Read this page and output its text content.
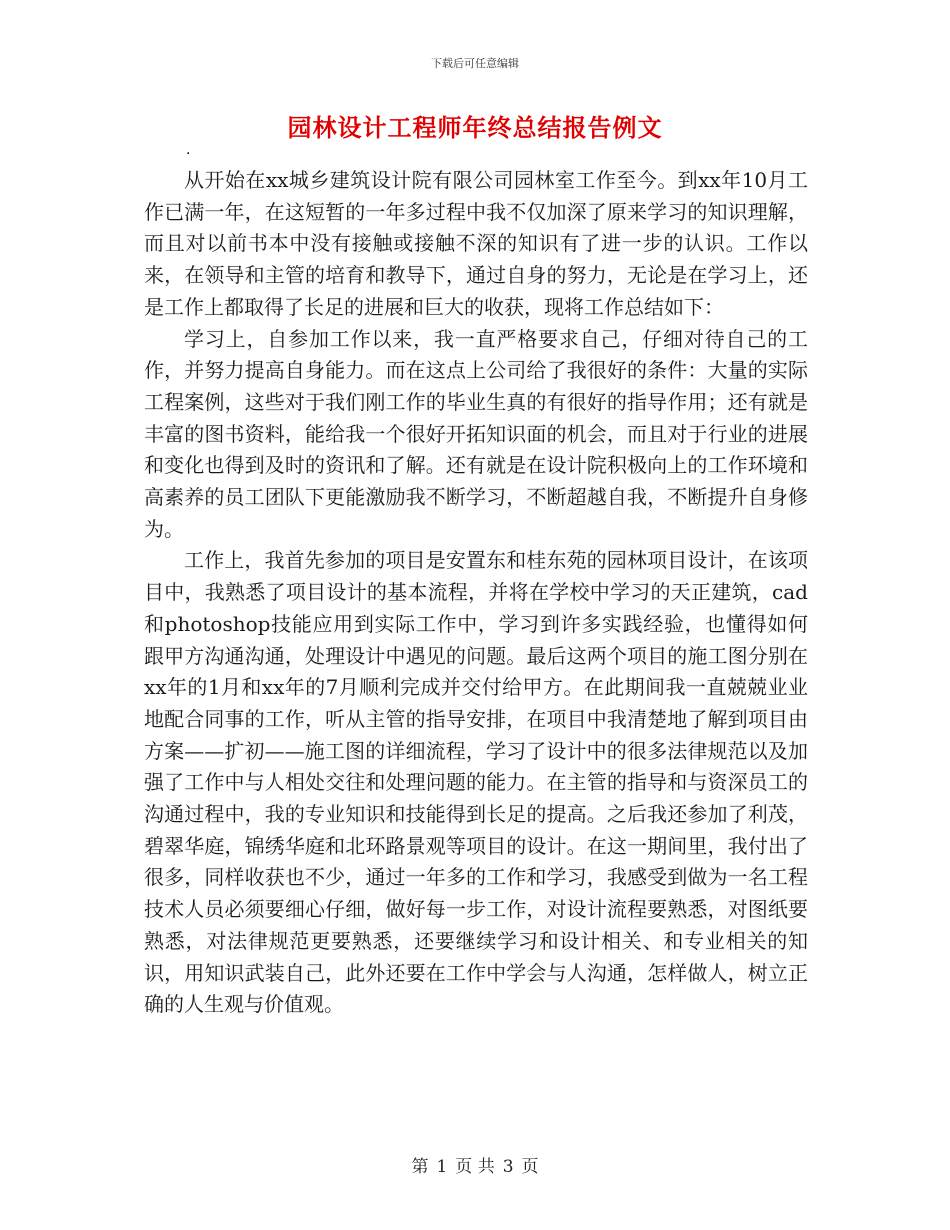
下载后可任意编辑
园林设计工程师年终总结报告例文
.

从开始在xx城乡建筑设计院有限公司园林室工作至今。到xx年10月工作已满一年，在这短暂的一年多过程中我不仅加深了原来学习的知识理解，而且对以前书本中没有接触或接触不深的知识有了进一步的认识。工作以来，在领导和主管的培育和教导下，通过自身的努力，无论是在学习上，还是工作上都取得了长足的进展和巨大的收获，现将工作总结如下：

学习上，自参加工作以来，我一直严格要求自己，仔细对待自己的工作，并努力提高自身能力。而在这点上公司给了我很好的条件：大量的实际工程案例，这些对于我们刚工作的毕业生真的有很好的指导作用；还有就是丰富的图书资料，能给我一个很好开拓知识面的机会，而且对于行业的进展和变化也得到及时的资讯和了解。还有就是在设计院积极向上的工作环境和高素养的员工团队下更能激励我不断学习，不断超越自我，不断提升自身修为。

工作上，我首先参加的项目是安置东和桂东苑的园林项目设计，在该项目中，我熟悉了项目设计的基本流程，并将在学校中学习的天正建筑，cad和photoshop技能应用到实际工作中，学习到许多实践经验，也懂得如何跟甲方沟通沟通，处理设计中遇见的问题。最后这两个项目的施工图分别在xx年的1月和xx年的7月顺利完成并交付给甲方。在此期间我一直兢兢业业地配合同事的工作，听从主管的指导安排，在项目中我清楚地了解到项目由方案——扩初——施工图的详细流程，学习了设计中的很多法律规范以及加强了工作中与人相处交往和处理问题的能力。在主管的指导和与资深员工的沟通过程中，我的专业知识和技能得到长足的提高。之后我还参加了利茂，碧翠华庭，锦绣华庭和北环路景观等项目的设计。在这一期间里，我付出了很多，同样收获也不少，通过一年多的工作和学习，我感受到做为一名工程技术人员必须要细心仔细，做好每一步工作，对设计流程要熟悉，对图纸要熟悉，对法律规范更要熟悉，还要继续学习和设计相关、和专业相关的知识，用知识武装自己，此外还要在工作中学会与人沟通，怎样做人，树立正确的人生观与价值观。

第 1 页 共 3 页
